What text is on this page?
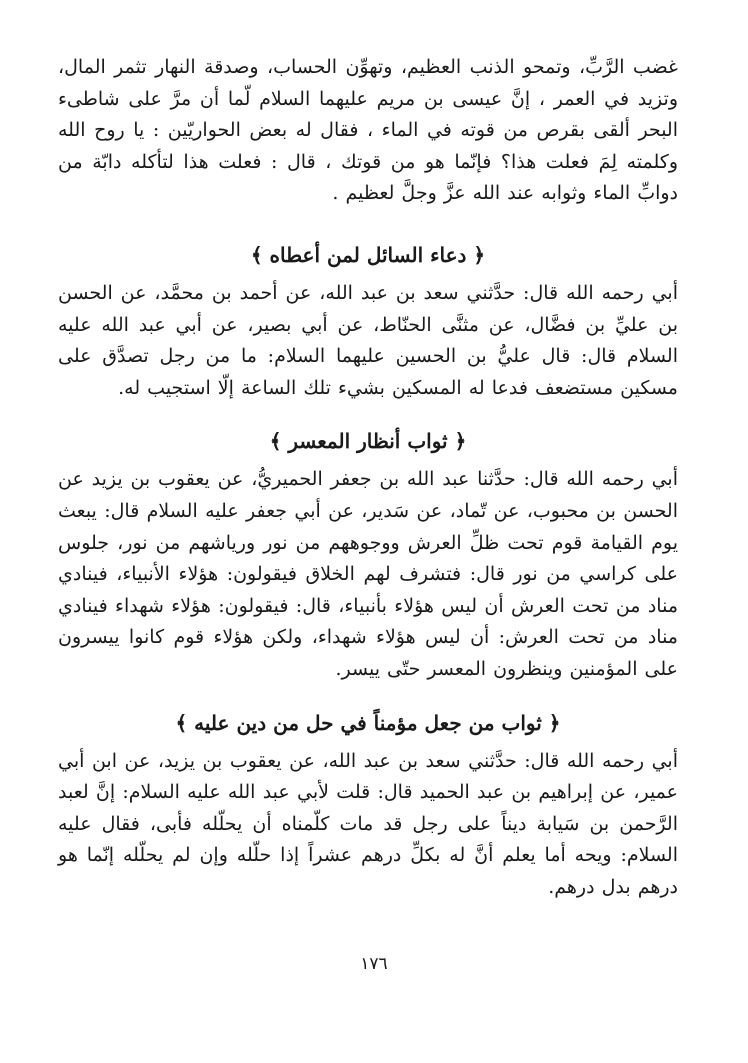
غضب الرَّبِّ، وتمحو الذنب العظيم، وتهوِّن الحساب، وصدقة النهار تثمر المال، وتزيد في العمر ، إنَّ عيسى بن مريم عليهما السلام لّما أن مرَّ على شاطىء البحر ألقى بقرص من قوته في الماء ، فقال له بعض الحواريّين : يا روح الله وكلمته لِمَ فعلت هذا؟ فإنّما هو من قوتك ، قال : فعلت هذا لتأكله دابّة من دوابِّ الماء وثوابه عند الله عزَّ وجلَّ لعظيم .

﴿ دعاء السائل لمن أعطاه ﴾

أبي رحمه الله قال: حدَّثني سعد بن عبد الله، عن أحمد بن محمَّد، عن الحسن بن عليِّ بن فضَّال، عن مثنَّى الحنّاط، عن أبي بصير، عن أبي عبد الله عليه السلام قال: قال عليُّ بن الحسين عليهما السلام: ما من رجل تصدَّق على مسكين مستضعف فدعا له المسكين بشيء تلك الساعة إلّا استجيب له.

﴿ ثواب أنظار المعسر ﴾

أبي رحمه الله قال: حدَّثنا عبد الله بن جعفر الحميريُّ، عن يعقوب بن يزيد عن الحسن بن محبوب، عن تّماد، عن سَدير، عن أبي جعفر عليه السلام قال: يبعث يوم القيامة قوم تحت ظلِّ العرش ووجوههم من نور ورياشهم من نور، جلوس على كراسي من نور قال: فتشرف لهم الخلاق فيقولون: هؤلاء الأنبياء، فينادي مناد من تحت العرش أن ليس هؤلاء بأنبياء، قال: فيقولون: هؤلاء شهداء فينادي مناد من تحت العرش: أن ليس هؤلاء شهداء، ولكن هؤلاء قوم كانوا ييسرون على المؤمنين وينظرون المعسر حتّى ييسر.

﴿ ثواب من جعل مؤمناً في حل من دين عليه ﴾

أبي رحمه الله قال: حدَّثني سعد بن عبد الله، عن يعقوب بن يزيد، عن ابن أبي عمير، عن إبراهيم بن عبد الحميد قال: قلت لأبي عبد الله عليه السلام: إنَّ لعبد الرَّحمن بن سَيابة ديناً على رجل قد مات كلّمناه أن يحلّله فأبى، فقال عليه السلام: ويحه أما يعلم أنَّ له بكلِّ درهم عشراً إذا حلّله وإن لم يحلّله إنّما هو درهم بدل درهم.

١٧٦
